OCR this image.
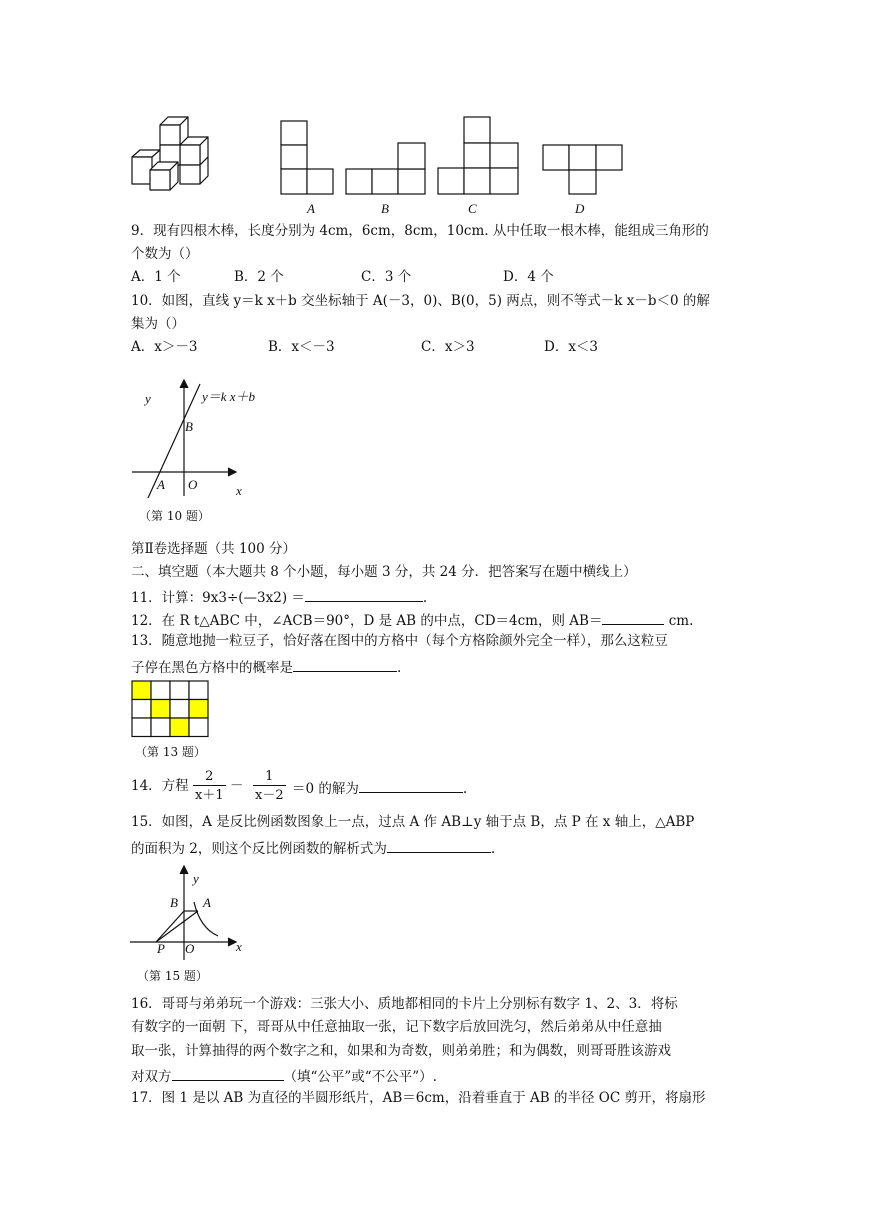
A	B	C	D
9．现有四根木棒，长度分别为 4cm，6cm，8cm，10cm. 从中任取一根木棒，能组成三角形的
个数为（）
A．1 个	B．2 个	C．3 个	D．4 个
10．如图，直线 y＝k x＋b 交坐标轴于 A(－3，0)、B(0，5) 两点，则不等式－k x－b＜0 的解
集为（）
A．x＞－3	B．x＜－3	C．x＞3	D．x＜3
y	y＝k x＋b
B
A O	x
（第 10 题）
第Ⅱ卷选择题（共 100 分）
二、填空题（本大题共 8 个小题，每小题 3 分，共 24 分．把答案写在题中横线上）
11．计算：9x3÷(—3x2) ＝	.
12．在 R t△ABC 中，∠ACB＝90°，D 是 AB 的中点，CD＝4cm，则 AB＝	cm.
13．随意地抛一粒豆子，恰好落在图中的方格中（每个方格除颜外完全一样），那么这粒豆
子停在黑色方格中的概率是	.
（第 13 题）
14．方程 $\frac{2}{x+1} - \frac{1}{x-2} =0$ 的解为	.
15．如图，A 是反比例函数图象上一点，过点 A 作 AB⊥y 轴于点 B，点 P 在 x 轴上，△ABP
的面积为 2，则这个反比例函数的解析式为	.
y
B A
P O	x
（第 15 题）
16．哥哥与弟弟玩一个游戏：三张大小、质地都相同的卡片上分别标有数字 1、2、3．将标
有数字的一面朝 下，哥哥从中任意抽取一张，记下数字后放回洗匀，然后弟弟从中任意抽
取一张，计算抽得的两个数字之和，如果和为奇数，则弟弟胜；和为偶数，则哥哥胜该游戏
对双方	（填“公平”或“不公平”）.
17．图 1 是以 AB 为直径的半圆形纸片，AB＝6cm，沿着垂直于 AB 的半径 OC 剪开，将扇形
